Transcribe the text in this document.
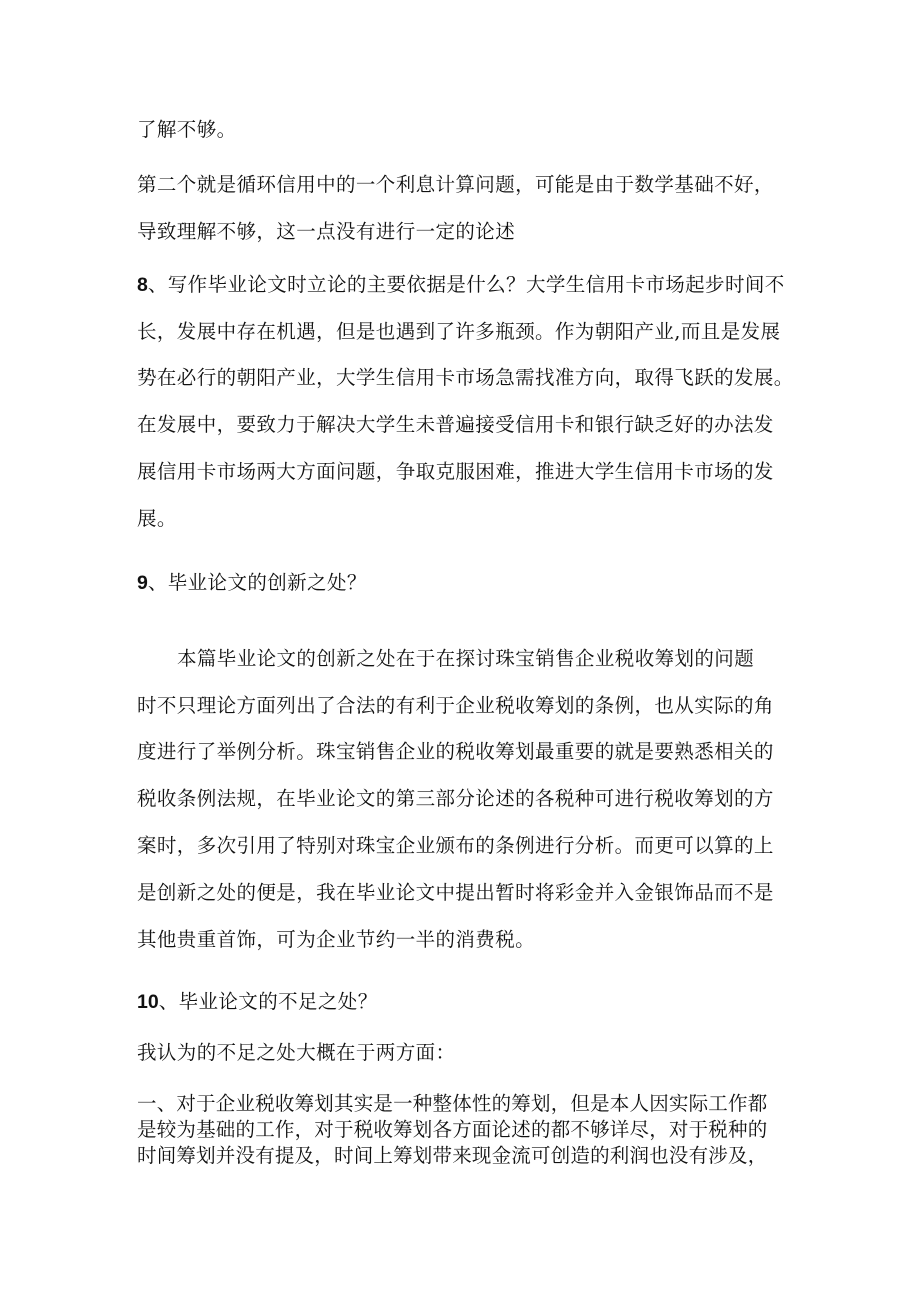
了解不够。
第二个就是循环信用中的一个利息计算问题，可能是由于数学基础不好，
导致理解不够，这一点没有进行一定的论述
8、写作毕业论文时立论的主要依据是什么？大学生信用卡市场起步时间不
长，发展中存在机遇，但是也遇到了许多瓶颈。作为朝阳产业,而且是发展
势在必行的朝阳产业，大学生信用卡市场急需找准方向，取得飞跃的发展。
在发展中，要致力于解决大学生未普遍接受信用卡和银行缺乏好的办法发
展信用卡市场两大方面问题，争取克服困难，推进大学生信用卡市场的发
展。
9、毕业论文的创新之处？
本篇毕业论文的创新之处在于在探讨珠宝销售企业税收筹划的问题
时不只理论方面列出了合法的有利于企业税收筹划的条例，也从实际的角
度进行了举例分析。珠宝销售企业的税收筹划最重要的就是要熟悉相关的
税收条例法规，在毕业论文的第三部分论述的各税种可进行税收筹划的方
案时，多次引用了特别对珠宝企业颁布的条例进行分析。而更可以算的上
是创新之处的便是，我在毕业论文中提出暂时将彩金并入金银饰品而不是
其他贵重首饰，可为企业节约一半的消费税。
10、毕业论文的不足之处？
我认为的不足之处大概在于两方面：
一、对于企业税收筹划其实是一种整体性的筹划，但是本人因实际工作都
是较为基础的工作，对于税收筹划各方面论述的都不够详尽，对于税种的
时间筹划并没有提及，时间上筹划带来现金流可创造的利润也没有涉及，
